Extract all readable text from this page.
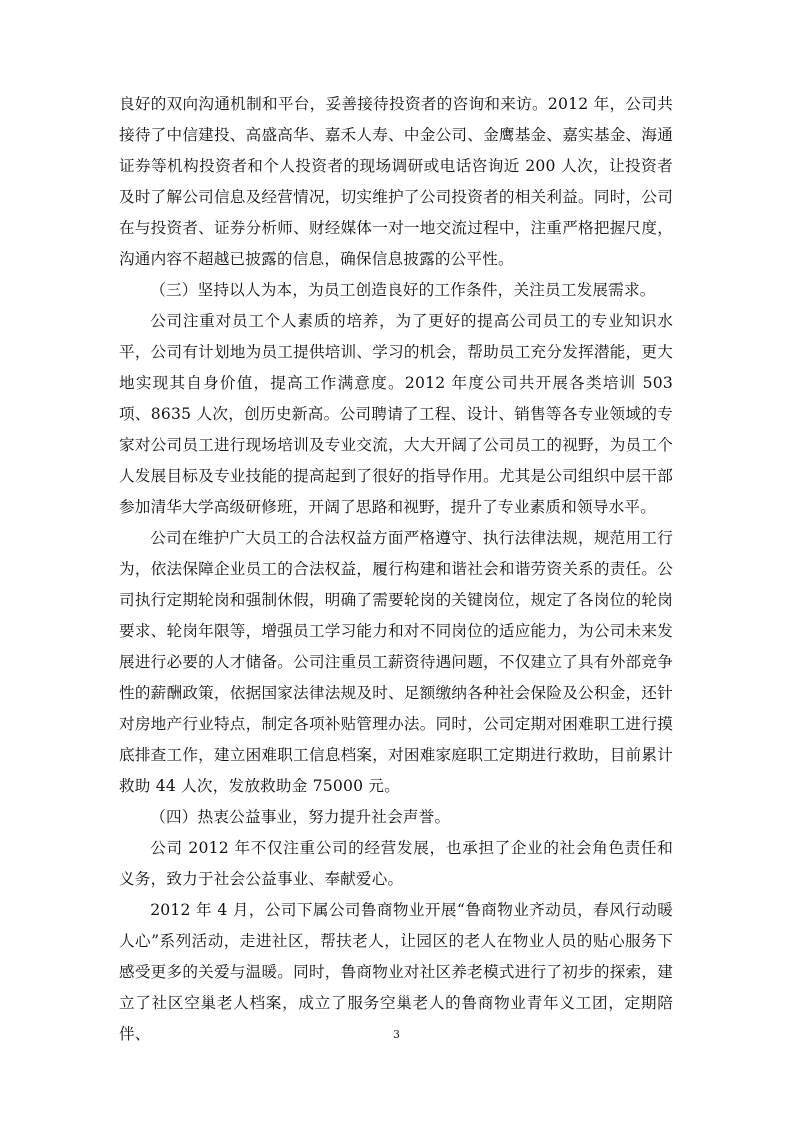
良好的双向沟通机制和平台，妥善接待投资者的咨询和来访。2012 年，公司共接待了中信建投、高盛高华、嘉禾人寿、中金公司、金鹰基金、嘉实基金、海通证券等机构投资者和个人投资者的现场调研或电话咨询近 200 人次，让投资者及时了解公司信息及经营情况，切实维护了公司投资者的相关利益。同时，公司在与投资者、证券分析师、财经媒体一对一地交流过程中，注重严格把握尺度，沟通内容不超越已披露的信息，确保信息披露的公平性。

（三）坚持以人为本，为员工创造良好的工作条件，关注员工发展需求。

公司注重对员工个人素质的培养，为了更好的提高公司员工的专业知识水平，公司有计划地为员工提供培训、学习的机会，帮助员工充分发挥潜能，更大地实现其自身价值，提高工作满意度。2012 年度公司共开展各类培训 503 项、8635 人次，创历史新高。公司聘请了工程、设计、销售等各专业领域的专家对公司员工进行现场培训及专业交流，大大开阔了公司员工的视野，为员工个人发展目标及专业技能的提高起到了很好的指导作用。尤其是公司组织中层干部参加清华大学高级研修班，开阔了思路和视野，提升了专业素质和领导水平。

公司在维护广大员工的合法权益方面严格遵守、执行法律法规，规范用工行为，依法保障企业员工的合法权益，履行构建和谐社会和谐劳资关系的责任。公司执行定期轮岗和强制休假，明确了需要轮岗的关键岗位，规定了各岗位的轮岗要求、轮岗年限等，增强员工学习能力和对不同岗位的适应能力，为公司未来发展进行必要的人才储备。公司注重员工薪资待遇问题，不仅建立了具有外部竞争性的薪酬政策，依据国家法律法规及时、足额缴纳各种社会保险及公积金，还针对房地产行业特点，制定各项补贴管理办法。同时，公司定期对困难职工进行摸底排查工作，建立困难职工信息档案，对困难家庭职工定期进行救助，目前累计救助 44 人次，发放救助金 75000 元。

（四）热衷公益事业，努力提升社会声誉。

公司 2012 年不仅注重公司的经营发展，也承担了企业的社会角色责任和义务，致力于社会公益事业、奉献爱心。

2012 年 4 月，公司下属公司鲁商物业开展“鲁商物业齐动员，春风行动暖人心”系列活动，走进社区，帮扶老人，让园区的老人在物业人员的贴心服务下感受更多的关爱与温暖。同时，鲁商物业对社区养老模式进行了初步的探索，建立了社区空巢老人档案，成立了服务空巢老人的鲁商物业青年义工团，定期陪伴、	3
